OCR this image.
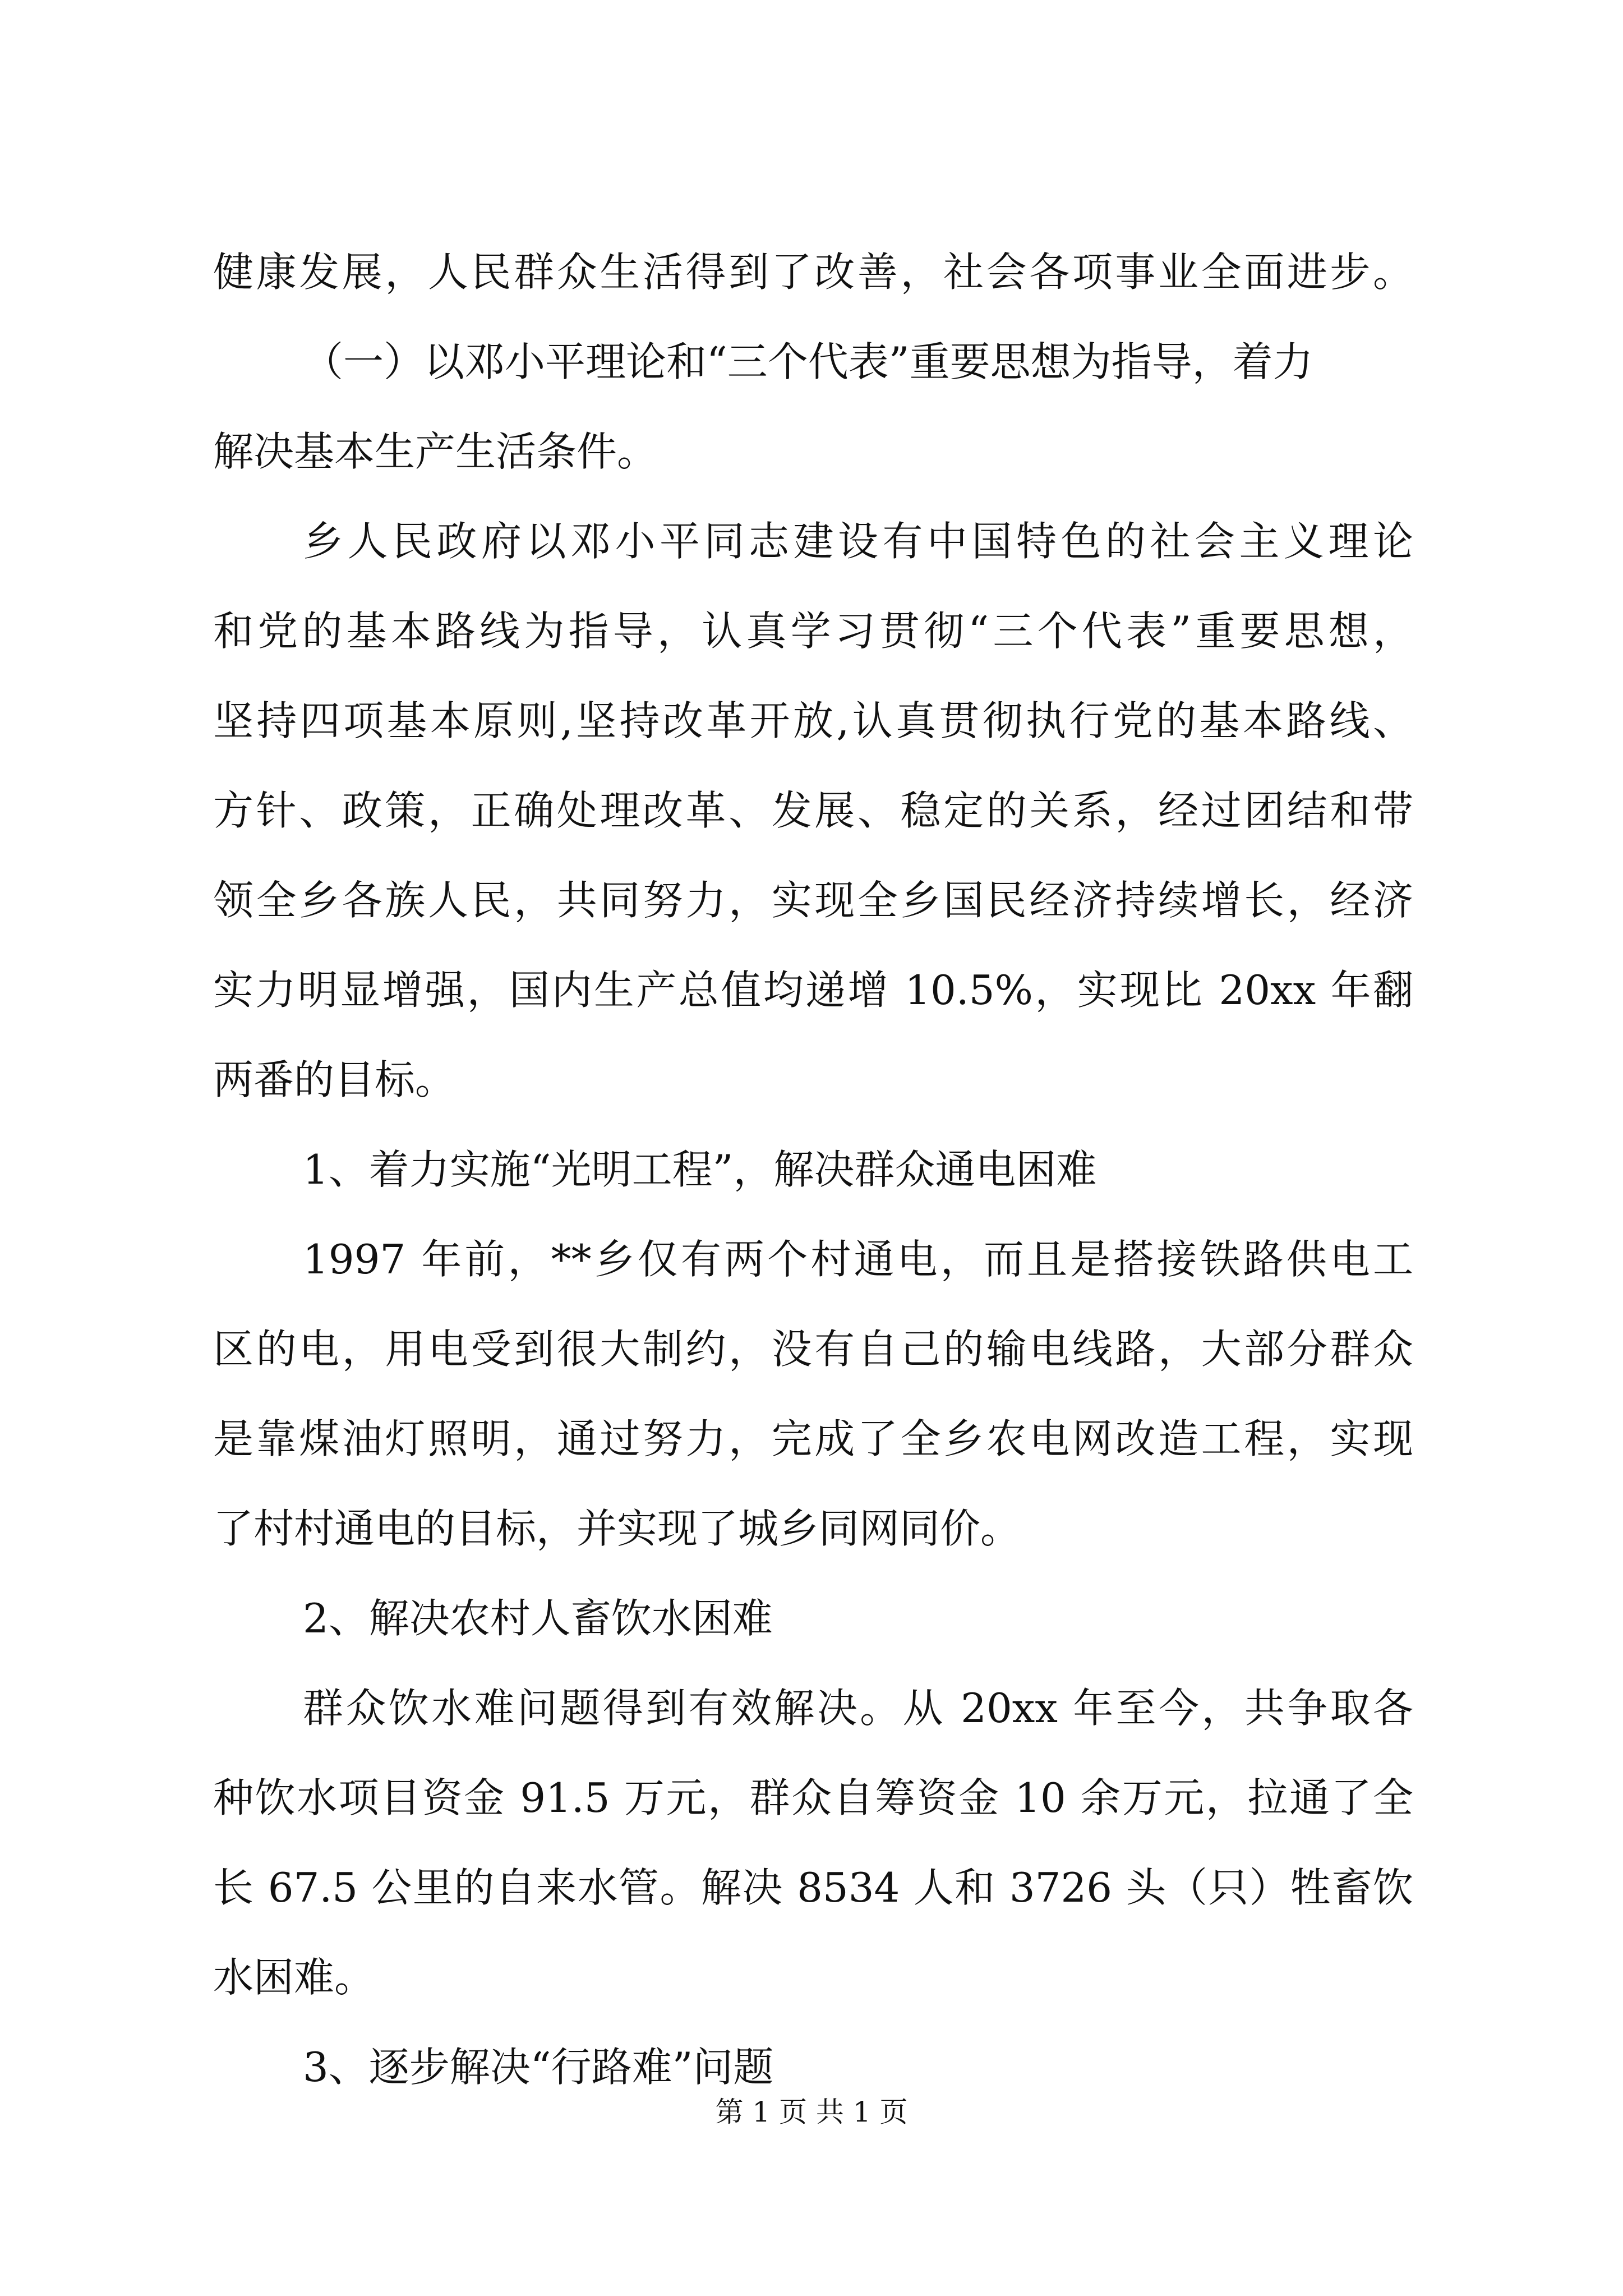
健康发展，人民群众生活得到了改善，社会各项事业全面进步。
（一）以邓小平理论和“三个代表”重要思想为指导，着力
解决基本生产生活条件。
乡人民政府以邓小平同志建设有中国特色的社会主义理论
和党的基本路线为指导，认真学习贯彻“三个代表”重要思想，
坚持四项基本原则,坚持改革开放,认真贯彻执行党的基本路线、
方针、政策，正确处理改革、发展、稳定的关系，经过团结和带
领全乡各族人民，共同努力，实现全乡国民经济持续增长，经济
实力明显增强，国内生产总值均递增 10.5%，实现比 20xx 年翻
两番的目标。
1、着力实施“光明工程”，解决群众通电困难
1997 年前，**乡仅有两个村通电，而且是搭接铁路供电工
区的电，用电受到很大制约，没有自己的输电线路，大部分群众
是靠煤油灯照明，通过努力，完成了全乡农电网改造工程，实现
了村村通电的目标，并实现了城乡同网同价。
2、解决农村人畜饮水困难
群众饮水难问题得到有效解决。从 20xx 年至今，共争取各
种饮水项目资金 91.5 万元，群众自筹资金 10 余万元，拉通了全
长 67.5 公里的自来水管。解决 8534 人和 3726 头（只）牲畜饮
水困难。
3、逐步解决“行路难”问题
第 1 页 共 1 页
